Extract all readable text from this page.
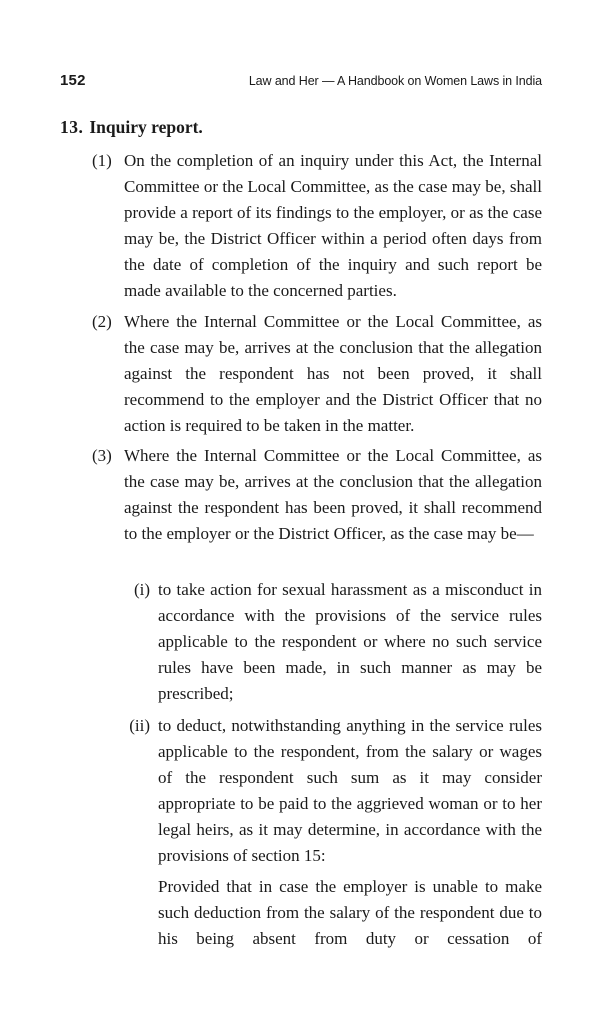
152	Law and Her — A Handbook on Women Laws in India
13. Inquiry report.
(1) On the completion of an inquiry under this Act, the Internal Committee or the Local Committee, as the case may be, shall provide a report of its findings to the employer, or as the case may be, the District Officer within a period often days from the date of completion of the inquiry and such report be made available to the concerned parties.
(2) Where the Internal Committee or the Local Committee, as the case may be, arrives at the conclusion that the allegation against the respondent has not been proved, it shall recommend to the employer and the District Officer that no action is required to be taken in the matter.
(3) Where the Internal Committee or the Local Committee, as the case may be, arrives at the conclusion that the allegation against the respondent has been proved, it shall recommend to the employer or the District Officer, as the case may be—
(i) to take action for sexual harassment as a misconduct in accordance with the provisions of the service rules applicable to the respondent or where no such service rules have been made, in such manner as may be prescribed;
(ii) to deduct, notwithstanding anything in the service rules applicable to the respondent, from the salary or wages of the respondent such sum as it may consider appropriate to be paid to the aggrieved woman or to her legal heirs, as it may determine, in accordance with the provisions of section 15:
Provided that in case the employer is unable to make such deduction from the salary of the respondent due to his being absent from duty or cessation of
